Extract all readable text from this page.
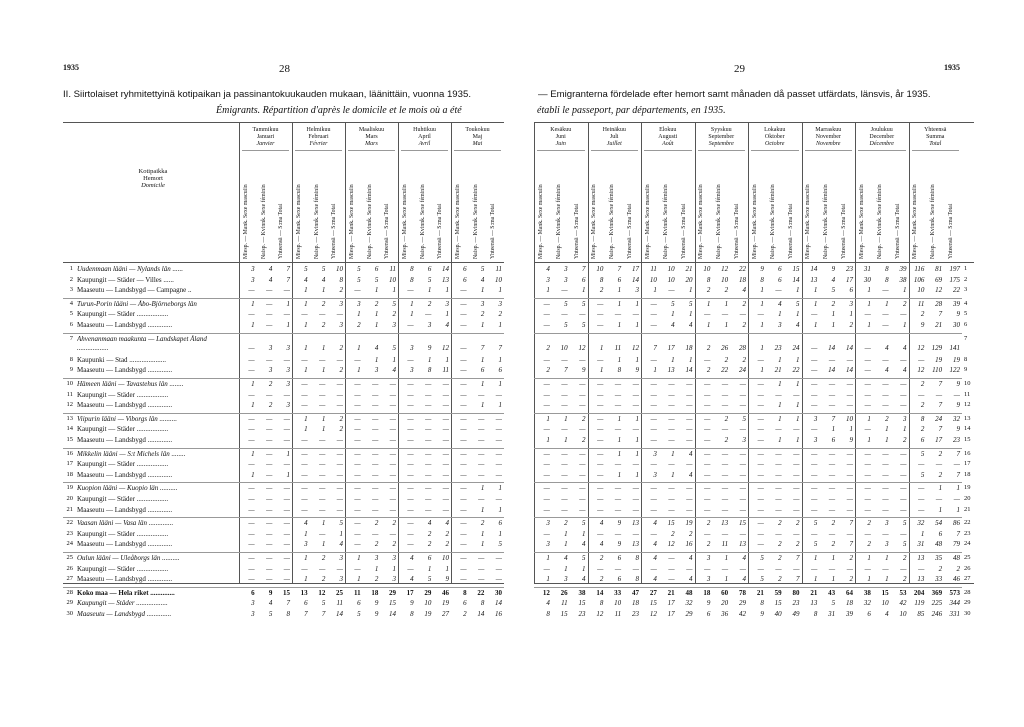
1935	28	29	1935
II. Siirtolaiset ryhmitettyinä kotipaikan ja passinantokuukauden mukaan, läänittäin, vuonna 1935.	— Emigranterna fördelade efter hemort samt månaden då passet utfärdats, länsvis, år 1935.
Émigrants. Répartition d'après le domicile et le mois où a été	établi le passeport, par départements, en 1935.
Kotipaikka
Hemort
Domicile
Tammikuu
Januari
Janvier
Miesp. — Mank. Sexe masculin Naisp. — Kvinnk. Sexe féminin Yhteensä — S:ma Total
Helmikuu
Februari
Février
Miesp. — Mank. Sexe masculin Naisp. — Kvinnk. Sexe féminin Yhteensä — S:ma Total
Maaliskuu
Mars
Mars
Miesp. — Mank. Sexe masculin Naisp. — Kvinnk. Sexe féminin Yhteensä — S:ma Total
Huhtikuu
April
Avril
Miesp. — Mank. Sexe masculin Naisp. — Kvinnk. Sexe féminin Yhteensä — S:ma Total
Toukokuu
Maj
Mai
Miesp. — Mank. Sexe masculin Naisp. — Kvinnk. Sexe féminin Yhteensä — S:ma Total
1 Uudenmaan lääni — Nylands län ......	3	4	7	5	5	10	5	6	11	8	6	14	6	5	11
2 Kaupungit — Städer — Villes ......	3	4	7	4	4	8	5	5	10	8	5	13	6	4	10
3 Maaseutu — Landsbygd — Campagne ..	—	—	—	1	1	2	—	1	1	—	1	1	—	1	1
4 Turun-Porin lääni — Åbo-Björneborgs län	1	—	1	1	2	3	3	2	5	1	2	3	—	3	3
5 Kaupungit — Städer ..................	—	—	—	—	—	—	1	1	2	1	—	1	—	2	2
6 Maaseutu — Landsbygd ..............	1	—	1	1	2	3	2	1	3	—	3	4	—	1	1
7 Ahvenanmaan maakunta — Landskapet Åland ..................	—	3	3	1	1	2	1	4	5	3	9	12	—	7	7
8 Kaupunki — Stad .....................	—	—	—	—	—	—	—	1	1	—	1	1	—	1	1
9 Maaseutu — Landsbygd ..............	—	3	3	1	1	2	1	3	4	3	8	11	—	6	6
10 Hämeen lääni — Tavastehus län ........	1	2	3	—	—	—	—	—	—	—	—	—	—	1	1
11 Kaupungit — Städer ..................	—	—	—	—	—	—	—	—	—	—	—	—	—	—	—
12 Maaseutu — Landsbygd ..............	1	2	3	—	—	—	—	—	—	—	—	—	—	1	1
13 Viipurin lääni — Viborgs län ..........	—	—	—	1	1	2	—	—	—	—	—	—	—	—	—
14 Kaupungit — Städer ..................	—	—	—	1	1	2	—	—	—	—	—	—	—	—	—
15 Maaseutu — Landsbygd ..............	—	—	—	—	—	—	—	—	—	—	—	—	—	—	—
16 Mikkelin lääni — S:t Michels län ........	1	—	1	—	—	—	—	—	—	—	—	—	—	—	—
17 Kaupungit — Städer ..................	—	—	—	—	—	—	—	—	—	—	—	—	—	—	—
18 Maaseutu — Landsbygd ..............	1	—	1	—	—	—	—	—	—	—	—	—	—	—	—
19 Kuopion lääni — Kuopio län ..........	—	—	—	—	—	—	—	—	—	—	—	—	—	1	1
20 Kaupungit — Städer ..................	—	—	—	—	—	—	—	—	—	—	—	—	—	—	—
21 Maaseutu — Landsbygd ..............	—	—	—	—	—	—	—	—	—	—	—	—	—	1	1
22 Vaasan lääni — Vasa län ..............	—	—	—	4	1	5	—	2	2	—	4	4	—	2	6
23 Kaupungit — Städer ..................	—	—	—	1	—	1	—	—	—	—	2	2	—	1	1
24 Maaseutu — Landsbygd ..............	—	—	—	3	1	4	—	2	2	—	2	2	—	1	5
25 Oulun lääni — Uleåborgs län ..........	—	—	—	1	2	3	1	3	3	4	6	10	—	—	—
26 Kaupungit — Städer ..................	—	—	—	—	—	—	—	1	1	—	1	1	—	—	—
27 Maaseutu — Landsbygd ..............	—	—	—	1	2	3	1	2	3	4	5	9	—	—	—
28 Koko maa — Hela riket ..............	6	9	15	13	12	25	11	18	29	17	29	46	8	22	30
29 Kaupungit — Städer ..................	3	4	7	6	5	11	6	9	15	9	10	19	6	8	14
30 Maaseutu — Landsbygd ..............	3	5	8	7	7	14	5	9	14	8	19	27	2	14	16
Kesäkuu
Juni
Juin
Miesp. — Mank. Sexe masculin Naisp. — Kvinnk. Sexe féminin Yhteensä — S:ma Total
Heinäkuu
Juli
Juillet
Miesp. — Mank. Sexe masculin Naisp. — Kvinnk. Sexe féminin Yhteensä — S:ma Total
Elokuu
Augusti
Août
Miesp. — Mank. Sexe masculin Naisp. — Kvinnk. Sexe féminin Yhteensä — S:ma Total
Syyskuu
September
Septembre
Miesp. — Mank. Sexe masculin Naisp. — Kvinnk. Sexe féminin Yhteensä — S:ma Total
Lokakuu
Oktober
Octobre
Miesp. — Mank. Sexe masculin Naisp. — Kvinnk. Sexe féminin Yhteensä — S:ma Total
Marraskuu
November
Novembre
Miesp. — Mank. Sexe masculin Naisp. — Kvinnk. Sexe féminin Yhteensä — S:ma Total
Joulukuu
December
Décembre
Miesp. — Mank. Sexe masculin Naisp. — Kvinnk. Sexe féminin Yhteensä — S:ma Total
Yhteensä
Summa
Total
Miesp. — Mank. Sexe masculin Naisp. — Kvinnk. Sexe féminin Yhteensä — S:ma Total
1
4	3	7	10	7	17	11	10	21	10	12	22	9	6	15	14	9	23	31	8	39	116	81	197
2
3	3	6	8	6	14	10	10	20	8	10	18	8	6	14	13	4	17	30	8	38	106	69	175
3
1	—	1	2	1	3	1	—	1	2	2	4	1	—	1	1	5	6	1	—	1	10	12	22
4
—	5	5	—	1	1	—	5	5	1	1	2	1	4	5	1	2	3	1	1	2	11	28	39
5
—	—	—	—	—	—	—	1	1	—	—	—	—	1	1	—	1	1	—	—	—	2	7	9
6
—	5	5	—	1	1	—	4	4	1	1	2	1	3	4	1	1	2	1	—	1	9	21	30
7
2	10	12	1	11	12	7	17	18	2	26	28	1	23	24	—	14	14	—	4	4	12	129	141
8
—	—	—	—	1	1	—	1	1	—	2	2	—	1	1	—	—	—	—	—	—	—	19	19
9
2	7	9	1	8	9	1	13	14	2	22	24	1	21	22	—	14	14	—	4	4	12	110	122
10
—	—	—	—	—	—	—	—	—	—	—	—	—	1	1	—	—	—	—	—	—	2	7	9
11
—	—	—	—	—	—	—	—	—	—	—	—	—	—	—	—	—	—	—	—	—	—	—	—
12
—	—	—	—	—	—	—	—	—	—	—	—	—	1	1	—	—	—	—	—	—	2	7	9
13
1	1	2	—	1	1	—	—	—	—	2	5	—	1	1	3	7	10	1	2	3	8	24	32
14
—	—	—	—	—	—	—	—	—	—	—	—	—	—	—	—	1	1	—	1	1	2	7	9
15
1	1	2	—	1	1	—	—	—	—	2	3	—	1	1	3	6	9	1	1	2	6	17	23
16
—	—	—	—	1	1	3	1	4	—	—	—	—	—	—	—	—	—	—	—	—	5	2	7
17
—	—	—	—	—	—	—	—	—	—	—	—	—	—	—	—	—	—	—	—	—	—	—	—
18
—	—	—	—	1	1	3	1	4	—	—	—	—	—	—	—	—	—	—	—	—	5	2	7
19
—	—	—	—	—	—	—	—	—	—	—	—	—	—	—	—	—	—	—	—	—	—	1	1
20
—	—	—	—	—	—	—	—	—	—	—	—	—	—	—	—	—	—	—	—	—	—	—	—
21
—	—	—	—	—	—	—	—	—	—	—	—	—	—	—	—	—	—	—	—	—	—	1	1
22
3	2	5	4	9	13	4	15	19	2	13	15	—	2	2	5	2	7	2	3	5	32	54	86
23
—	1	1	—	—	—	—	2	2	—	—	—	—	—	—	—	—	—	—	—	—	1	6	7
24
3	1	4	4	9	13	4	12	16	2	11	13	—	2	2	5	2	7	2	3	5	31	48	79
25
1	4	5	2	6	8	4	—	4	3	1	4	5	2	7	1	1	2	1	1	2	13	35	48
26
—	1	1	—	—	—	—	—	—	—	—	—	—	—	—	—	—	—	—	—	—	—	2	2
27
1	3	4	2	6	8	4	—	4	3	1	4	5	2	7	1	1	2	1	1	2	13	33	46
28
12	26	38	14	33	47	27	21	48	18	60	78	21	59	80	21	43	64	38	15	53	204	369	573
29
4	11	15	8	10	18	15	17	32	9	20	29	8	15	23	13	5	18	32	10	42	119	225	344
30
8	15	23	12	11	23	12	17	29	6	36	42	9	40	49	8	31	39	6	4	10	85	246	331
